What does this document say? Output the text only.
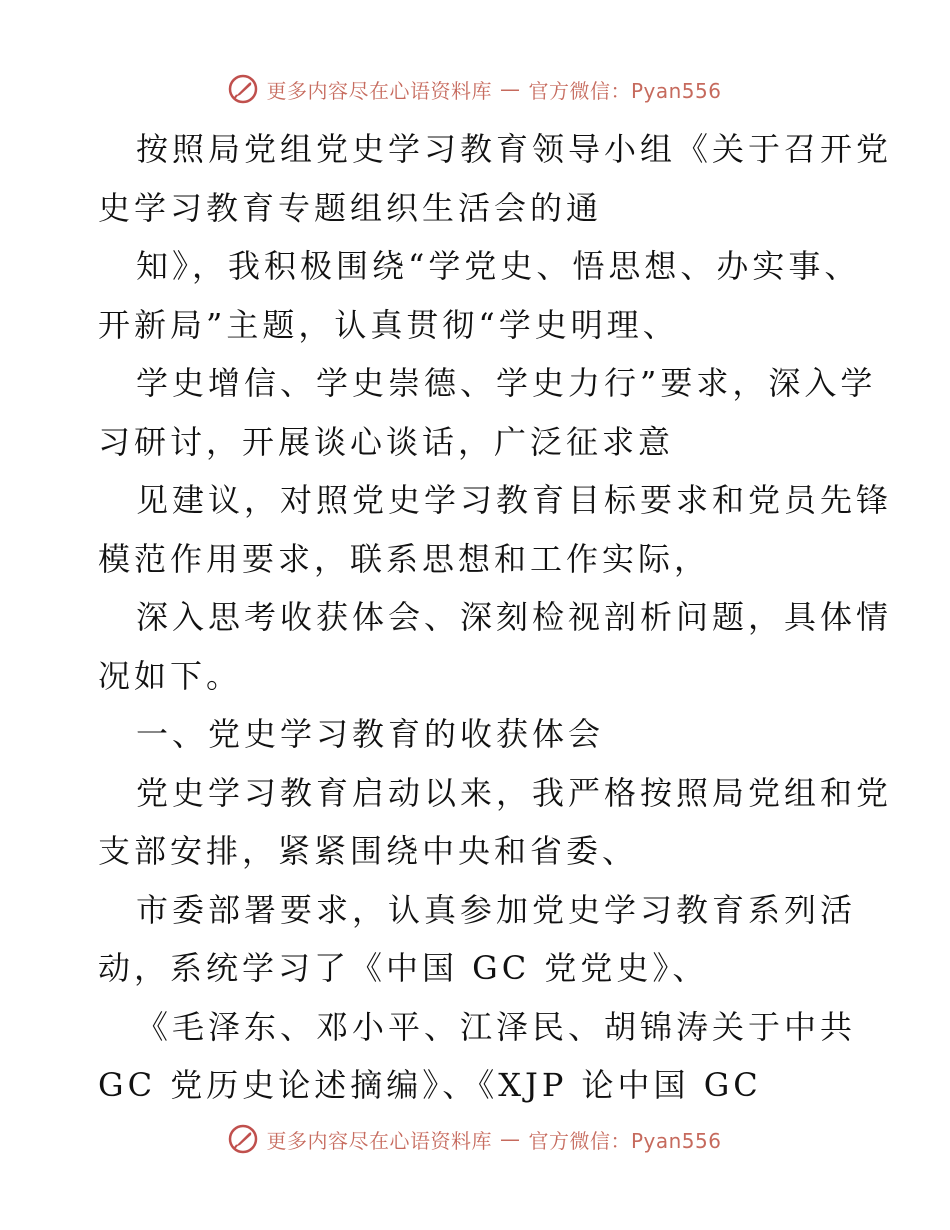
更多内容尽在心语资料库 — 官方微信：Pyan556
按照局党组党史学习教育领导小组《关于召开党
史学习教育专题组织生活会的通
知》，我积极围绕“学党史、悟思想、办实事、
开新局”主题，认真贯彻“学史明理、
学史增信、学史崇德、学史力行”要求，深入学
习研讨，开展谈心谈话，广泛征求意
见建议，对照党史学习教育目标要求和党员先锋
模范作用要求，联系思想和工作实际，
深入思考收获体会、深刻检视剖析问题，具体情
况如下。
一、党史学习教育的收获体会
党史学习教育启动以来，我严格按照局党组和党
支部安排，紧紧围绕中央和省委、
市委部署要求，认真参加党史学习教育系列活
动，系统学习了《中国 GC 党党史》、
《毛泽东、邓小平、江泽民、胡锦涛关于中共
GC 党历史论述摘编》、《XJP 论中国 GC
更多内容尽在心语资料库 — 官方微信：Pyan556
